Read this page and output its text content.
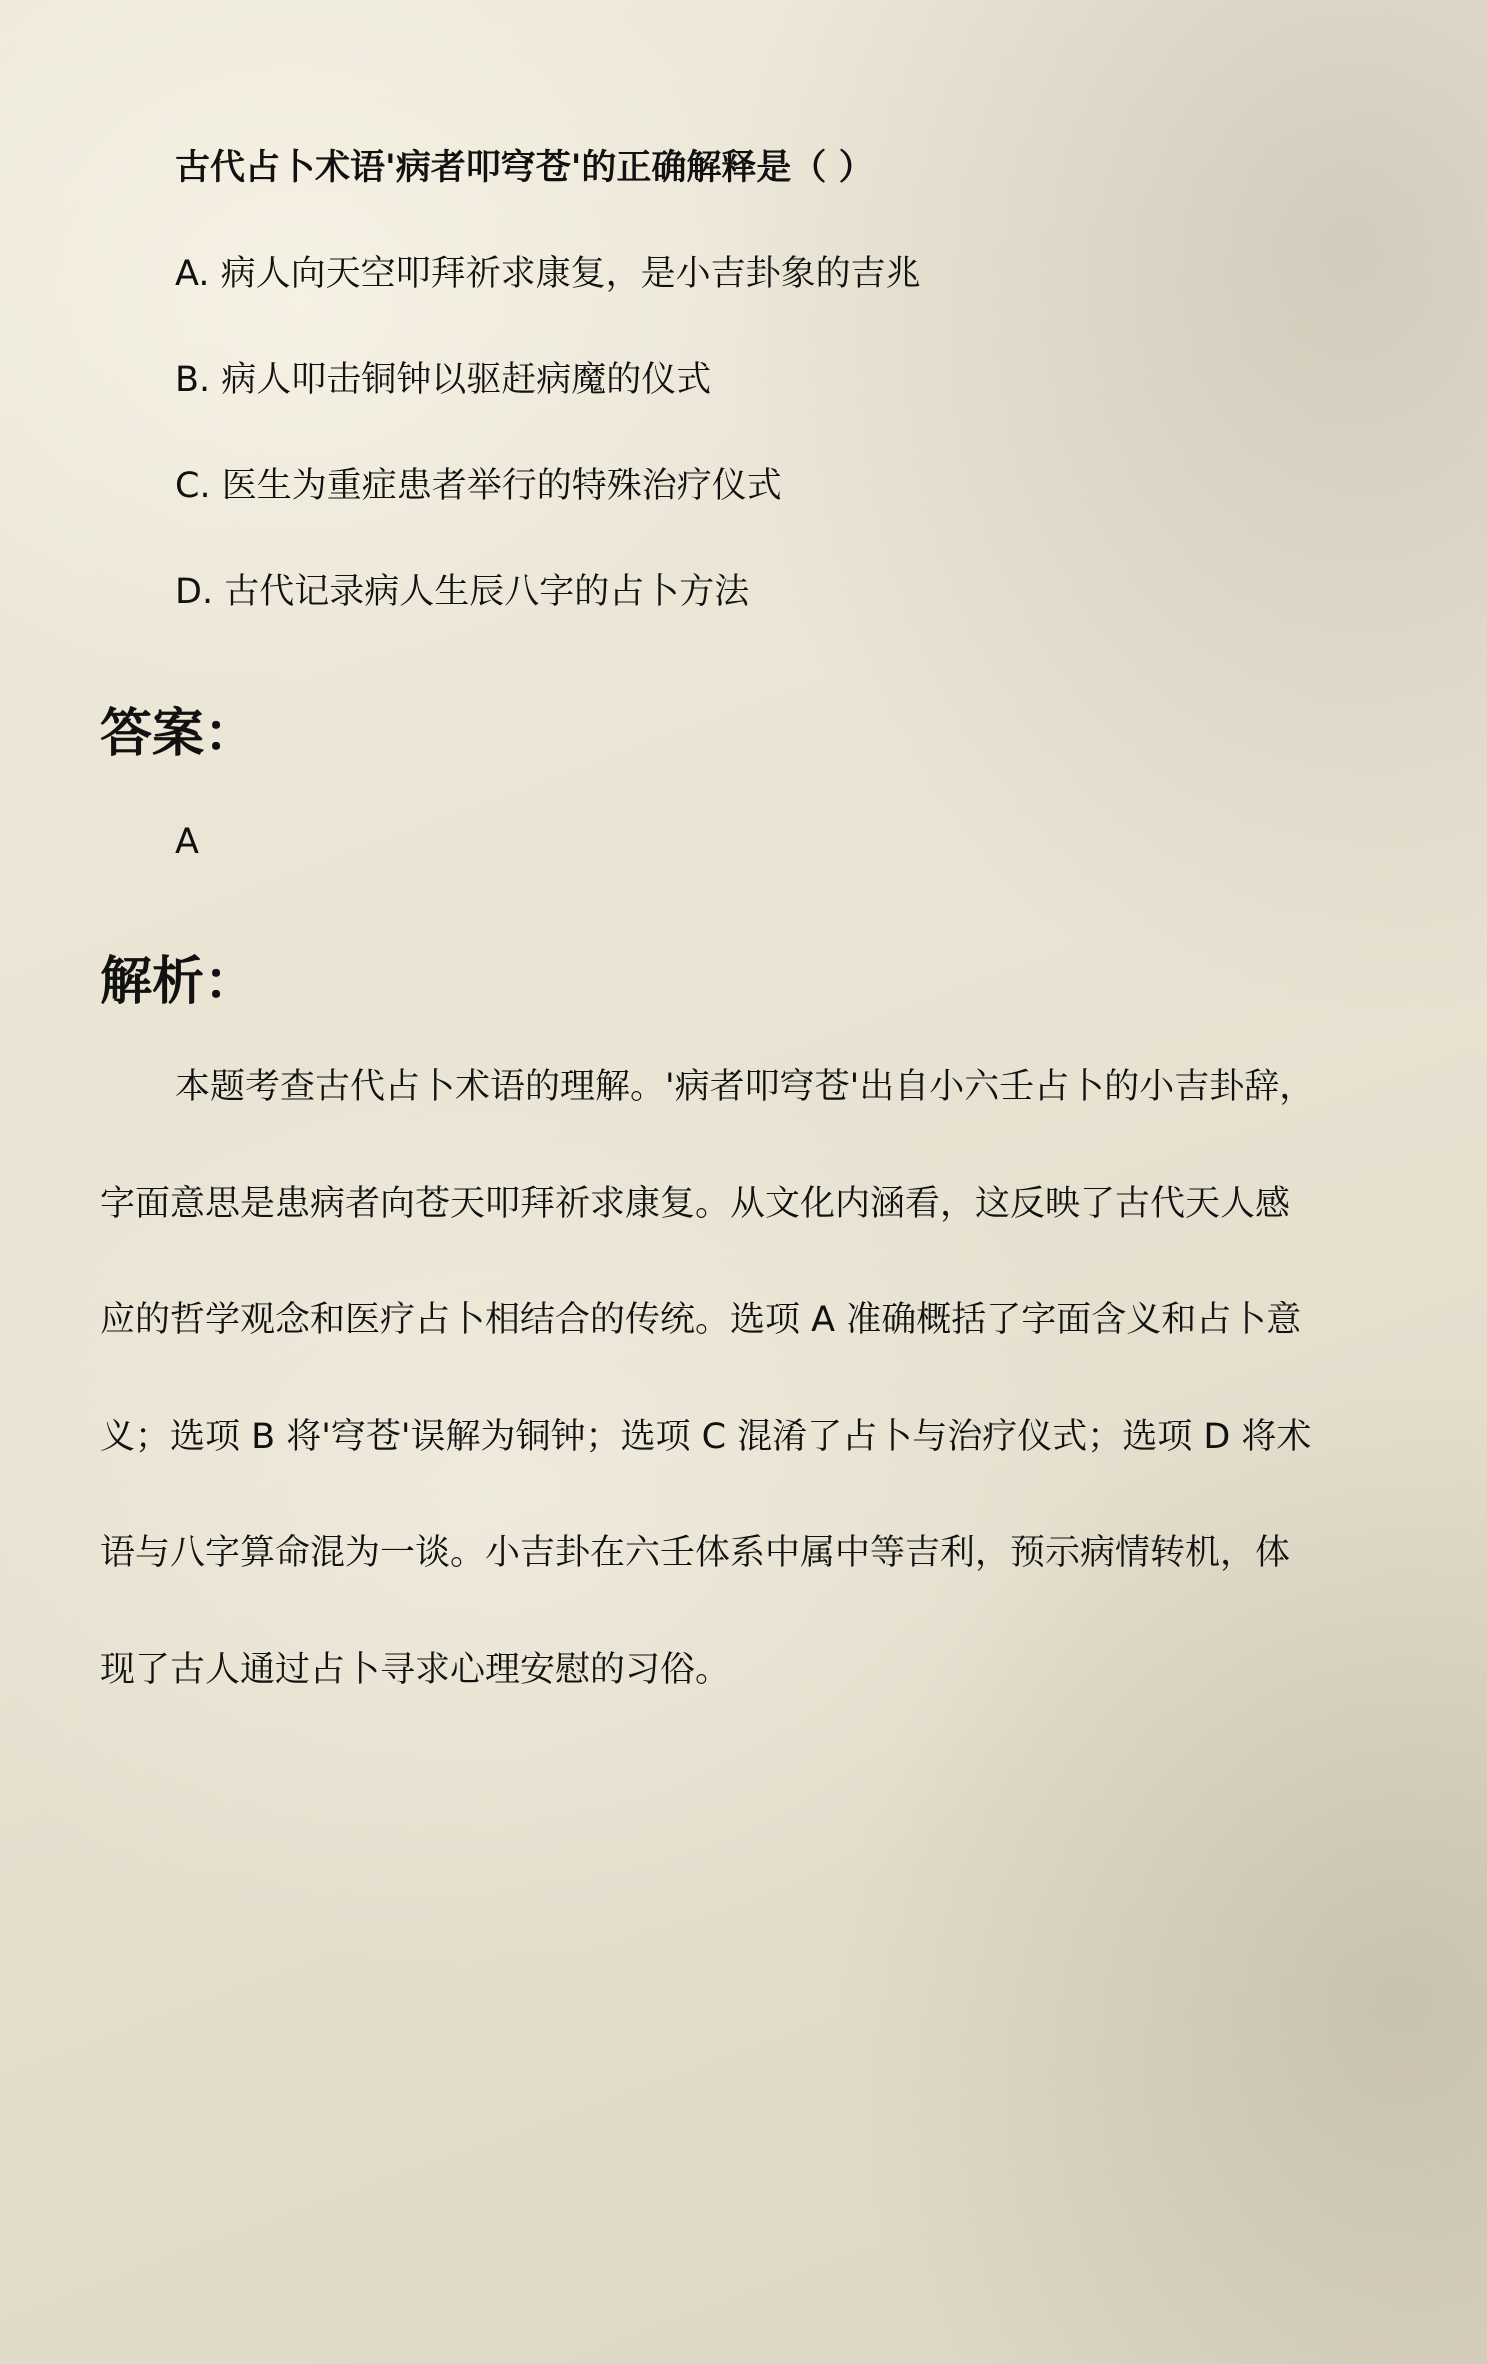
古代占卜术语'病者叩穹苍'的正确解释是（ ）
A. 病人向天空叩拜祈求康复，是小吉卦象的吉兆
B. 病人叩击铜钟以驱赶病魔的仪式
C. 医生为重症患者举行的特殊治疗仪式
D. 古代记录病人生辰八字的占卜方法
答案：
A
解析：
本题考查古代占卜术语的理解。'病者叩穹苍'出自小六壬占卜的小吉卦辞，
字面意思是患病者向苍天叩拜祈求康复。从文化内涵看，这反映了古代天人感
应的哲学观念和医疗占卜相结合的传统。选项 A 准确概括了字面含义和占卜意
义；选项 B 将'穹苍'误解为铜钟；选项 C 混淆了占卜与治疗仪式；选项 D 将术
语与八字算命混为一谈。小吉卦在六壬体系中属中等吉利，预示病情转机，体
现了古人通过占卜寻求心理安慰的习俗。
